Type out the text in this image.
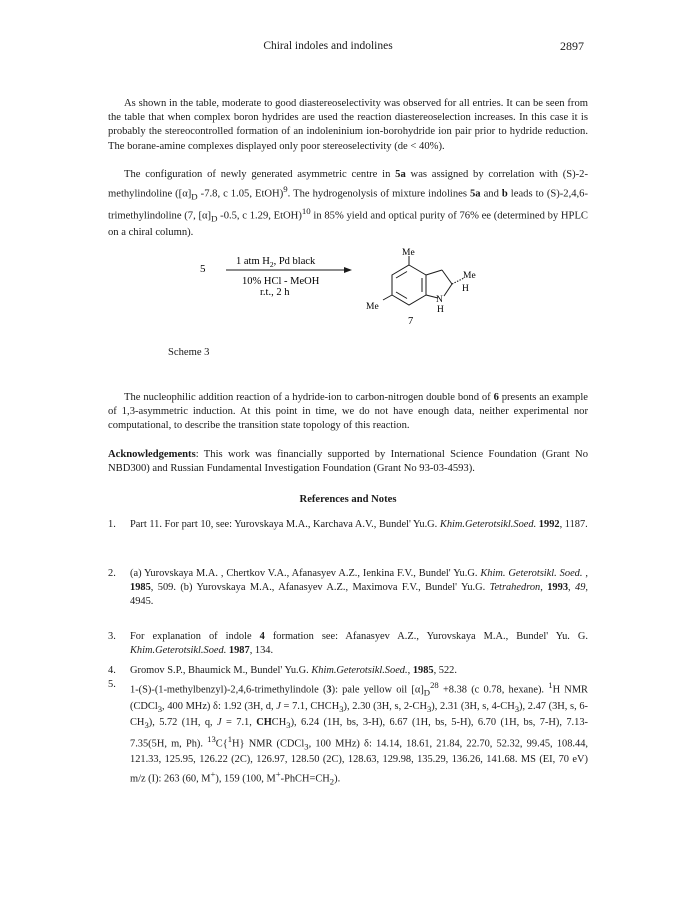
Chiral indoles and indolines	2897

As shown in the table, moderate to good diastereoselectivity was observed for all entries. It can be seen from the table that when complex boron hydrides are used the reaction diastereoselection increases. In this case it is probably the stereocontrolled formation of an indoleninium ion-borohydride ion pair prior to hydride reduction. The borane-amine complexes displayed only poor stereoselectivity (de < 40%).

The configuration of newly generated asymmetric centre in 5a was assigned by correlation with (S)-2-methylindoline ($[\alpha]_D$ -7.8, c 1.05, EtOH)$^9$. The hydrogenolysis of mixture indolines 5a and b leads to (S)-2,4,6-trimethylindoline (7, $[\alpha]_D$ -0.5, c 1.29, EtOH)$^{10}$ in 85% yield and optical purity of 76% ee (determined by HPLC on a chiral column).

5
1 atm $H_2$, Pd black
10% HCl - MeOH
r.t., 2 h
Me
Me
H
Me
N
H
7
Scheme 3

The nucleophilic addition reaction of a hydride-ion to carbon-nitrogen double bond of 6 presents an example of 1,3-asymmetric induction. At this point in time, we do not have enough data, neither experimental nor computational, to describe the transition state topology of this reaction.

Acknowledgements: This work was financially supported by International Science Foundation (Grant No NBD300) and Russian Fundamental Investigation Foundation (Grant No 93-03-4593).

References and Notes
1. Part 11. For part 10, see: Yurovskaya M.A., Karchava A.V., Bundel' Yu.G. Khim.Geterotsikl.Soed. 1992, 1187.
2. (a) Yurovskaya M.A. , Chertkov V.A., Afanasyev A.Z., Ienkina F.V., Bundel' Yu.G. Khim. Geterotsikl. Soed. , 1985, 509. (b) Yurovskaya M.A., Afanasyev A.Z., Maximova F.V., Bundel' Yu.G. Tetrahedron, 1993, 49, 4945.
3. For explanation of indole 4 formation see: Afanasyev A.Z., Yurovskaya M.A., Bundel' Yu. G. Khim.Geterotsikl.Soed. 1987, 134.
4. Gromov S.P., Bhaumick M., Bundel' Yu.G. Khim.Geterotsikl.Soed., 1985, 522.
5. 1-(S)-(1-methylbenzyl)-2,4,6-trimethylindole (3): pale yellow oil $[\alpha]_D^{28} +8.38$ (c 0.78, hexane). $^1$H NMR (CDCl$_3$, 400 MHz) δ: 1.92 (3H, d, J = 7.1, $CHCH_3$), 2.30 (3H, s, $2-CH_3$), 2.31 (3H, s, $4-CH_3$), 2.47 (3H, s, $6-CH_3$), 5.72 (1H, q, J = 7.1, $CHCH_3$), 6.24 (1H, bs, 3-H), 6.67 (1H, bs, 5-H), 6.70 (1H, bs, 7-H), 7.13-7.35(5H, m, Ph). $^{13}$C{$^1$H} NMR (CDCl$_3$, 100 MHz) δ: 14.14, 18.61, 21.84, 22.70, 52.32, 99.45, 108.44, 121.33, 125.95, 126.22 (2C), 126.97, 128.50 (2C), 128.63, 129.98, 135.29, 136.26, 141.68. MS (EI, 70 eV) m/z (I): 263 (60, M+), 159 (100, $M^+-PhCH=CH_2$).
